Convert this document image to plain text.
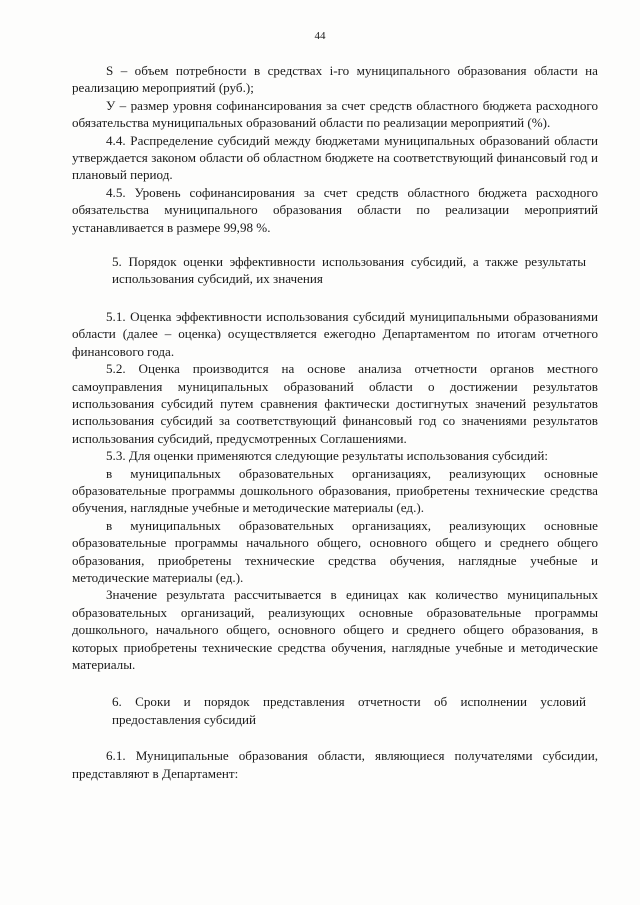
44

S – объем потребности в средствах i-го муниципального образования области на реализацию мероприятий (руб.);

У – размер уровня софинансирования за счет средств областного бюджета расходного обязательства муниципальных образований области по реализации мероприятий (%).

4.4. Распределение субсидий между бюджетами муниципальных образований области утверждается законом области об областном бюджете на соответствующий финансовый год и плановый период.

4.5. Уровень софинансирования за счет средств областного бюджета расходного обязательства муниципального образования области по реализации мероприятий устанавливается в размере 99,98 %.

5. Порядок оценки эффективности использования субсидий, а также результаты использования субсидий, их значения

5.1. Оценка эффективности использования субсидий муниципальными образованиями области (далее – оценка) осуществляется ежегодно Департаментом по итогам отчетного финансового года.

5.2. Оценка производится на основе анализа отчетности органов местного самоуправления муниципальных образований области о достижении результатов использования субсидий путем сравнения фактически достигнутых значений результатов использования субсидий за соответствующий финансовый год со значениями результатов использования субсидий, предусмотренных Соглашениями.

5.3. Для оценки применяются следующие результаты использования субсидий:

в муниципальных образовательных организациях, реализующих основные образовательные программы дошкольного образования, приобретены технические средства обучения, наглядные учебные и методические материалы (ед.).

в муниципальных образовательных организациях, реализующих основные образовательные программы начального общего, основного общего и среднего общего образования, приобретены технические средства обучения, наглядные учебные и методические материалы (ед.).

Значение результата рассчитывается в единицах как количество муниципальных образовательных организаций, реализующих основные образовательные программы дошкольного, начального общего, основного общего и среднего общего образования, в которых приобретены технические средства обучения, наглядные учебные и методические материалы.

6. Сроки и порядок представления отчетности об исполнении условий предоставления субсидий

6.1. Муниципальные образования области, являющиеся получателями субсидии, представляют в Департамент:
